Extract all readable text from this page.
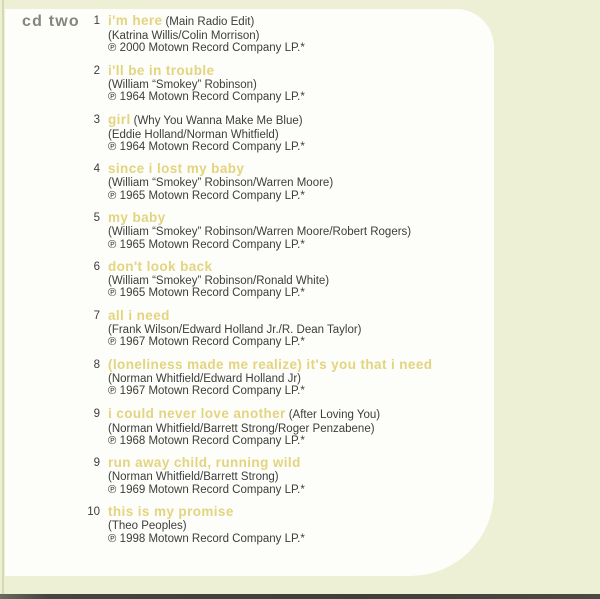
cd two	1 i'm here (Main Radio Edit)
(Katrina Willis/Colin Morrison)
℗ 2000 Motown Record Company LP.*
2 i'll be in trouble
(William “Smokey” Robinson)
℗ 1964 Motown Record Company LP.*
3 girl (Why You Wanna Make Me Blue)
(Eddie Holland/Norman Whitfield)
℗ 1964 Motown Record Company LP.*
4 since i lost my baby
(William “Smokey” Robinson/Warren Moore)
℗ 1965 Motown Record Company LP.*
5 my baby
(William “Smokey” Robinson/Warren Moore/Robert Rogers)
℗ 1965 Motown Record Company LP.*
6 don't look back
(William “Smokey” Robinson/Ronald White)
℗ 1965 Motown Record Company LP.*
7 all i need
(Frank Wilson/Edward Holland Jr./R. Dean Taylor)
℗ 1967 Motown Record Company LP.*
8 (loneliness made me realize) it's you that i need
(Norman Whitfield/Edward Holland Jr)
℗ 1967 Motown Record Company LP.*
9 i could never love another (After Loving You)
(Norman Whitfield/Barrett Strong/Roger Penzabene)
℗ 1968 Motown Record Company LP.*
9 run away child, running wild
(Norman Whitfield/Barrett Strong)
℗ 1969 Motown Record Company LP.*
10 this is my promise
(Theo Peoples)
℗ 1998 Motown Record Company LP.*
